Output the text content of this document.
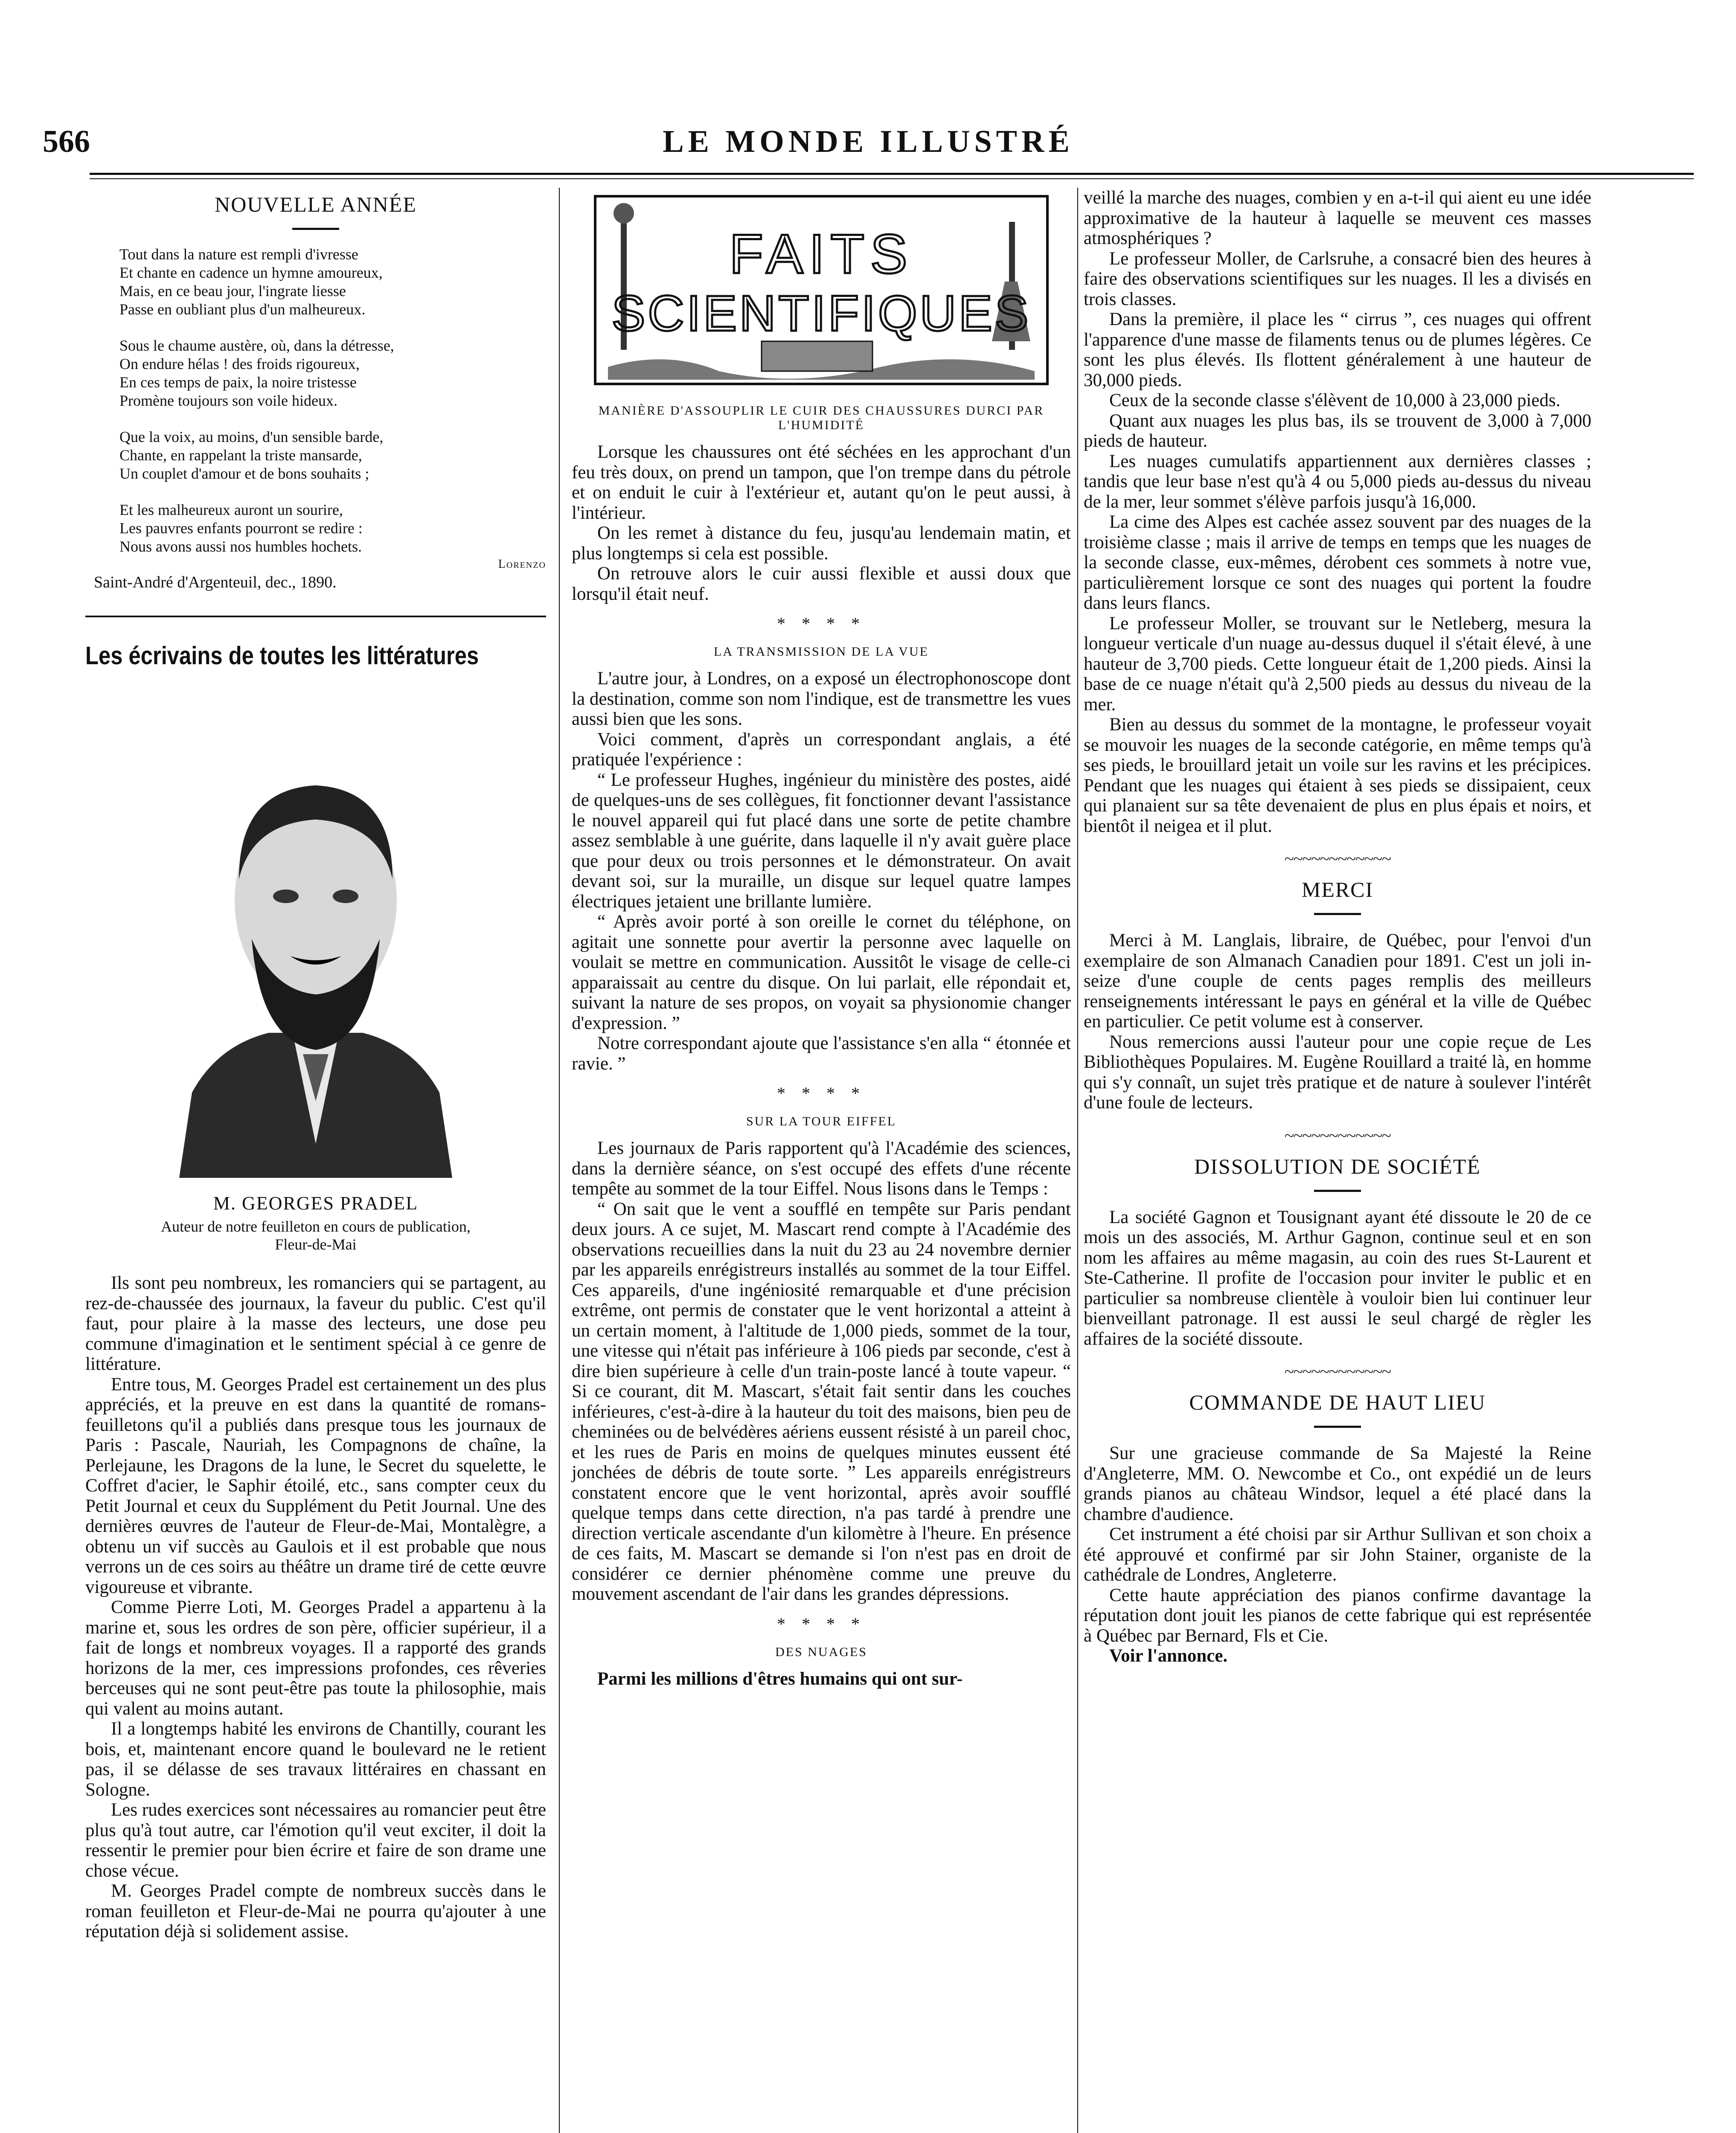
566	LE MONDE ILLUSTRÉ
NOUVELLE ANNÉE

Tout dans la nature est rempli d'ivresse

Et chante en cadence un hymne amoureux,

Mais, en ce beau jour, l'ingrate liesse

Passe en oubliant plus d'un malheureux.

Sous le chaume austère, où, dans la détresse,

On endure hélas ! des froids rigoureux,

En ces temps de paix, la noire tristesse

Promène toujours son voile hideux.

Que la voix, au moins, d'un sensible barde,

Chante, en rappelant la triste mansarde,

Un couplet d'amour et de bons souhaits ;

Et les malheureux auront un sourire,

Les pauvres enfants pourront se redire :

Nous avons aussi nos humbles hochets.

Lorenzo
Saint-André d'Argenteuil, dec., 1890.
Les écrivains de toutes les littératures
M. GEORGES PRADEL

Auteur de notre feuilleton en cours de publication,

Fleur-de-Mai

Ils sont peu nombreux, les romanciers qui se partagent, au rez-de-chaussée des journaux, la faveur du public. C'est qu'il faut, pour plaire à la masse des lecteurs, une dose peu commune d'imagination et le sentiment spécial à ce genre de littérature.

Entre tous, M. Georges Pradel est certainement un des plus appréciés, et la preuve en est dans la quantité de romans-feuilletons qu'il a publiés dans presque tous les journaux de Paris : Pascale, Nauriah, les Compagnons de chaîne, la Perlejaune, les Dragons de la lune, le Secret du squelette, le Coffret d'acier, le Saphir étoilé, etc., sans compter ceux du Petit Journal et ceux du Supplément du Petit Journal. Une des dernières œuvres de l'auteur de Fleur-de-Mai, Montalègre, a obtenu un vif succès au Gaulois et il est probable que nous verrons un de ces soirs au théâtre un drame tiré de cette œuvre vigoureuse et vibrante.

Comme Pierre Loti, M. Georges Pradel a appartenu à la marine et, sous les ordres de son père, officier supérieur, il a fait de longs et nombreux voyages. Il a rapporté des grands horizons de la mer, ces impressions profondes, ces rêveries berceuses qui ne sont peut-être pas toute la philosophie, mais qui valent au moins autant.

Il a longtemps habité les environs de Chantilly, courant les bois, et, maintenant encore quand le boulevard ne le retient pas, il se délasse de ses travaux littéraires en chassant en Sologne.

Les rudes exercices sont nécessaires au romancier peut être plus qu'à tout autre, car l'émotion qu'il veut exciter, il doit la ressentir le premier pour bien écrire et faire de son drame une chose vécue.

M. Georges Pradel compte de nombreux succès dans le roman feuilleton et Fleur-de-Mai ne pourra qu'ajouter à une réputation déjà si solidement assise.

FAITS
SCIENTIFIQUES
MANIÈRE D'ASSOUPLIR LE CUIR DES CHAUSSURES DURCI PAR L'HUMIDITÉ

Lorsque les chaussures ont été séchées en les approchant d'un feu très doux, on prend un tampon, que l'on trempe dans du pétrole et on enduit le cuir à l'extérieur et, autant qu'on le peut aussi, à l'intérieur.

On les remet à distance du feu, jusqu'au lendemain matin, et plus longtemps si cela est possible.

On retrouve alors le cuir aussi flexible et aussi doux que lorsqu'il était neuf.

* * * *
LA TRANSMISSION DE LA VUE

L'autre jour, à Londres, on a exposé un électrophonoscope dont la destination, comme son nom l'indique, est de transmettre les vues aussi bien que les sons.

Voici comment, d'après un correspondant anglais, a été pratiquée l'expérience :

“ Le professeur Hughes, ingénieur du ministère des postes, aidé de quelques-uns de ses collègues, fit fonctionner devant l'assistance le nouvel appareil qui fut placé dans une sorte de petite chambre assez semblable à une guérite, dans laquelle il n'y avait guère place que pour deux ou trois personnes et le démonstrateur. On avait devant soi, sur la muraille, un disque sur lequel quatre lampes électriques jetaient une brillante lumière.

“ Après avoir porté à son oreille le cornet du téléphone, on agitait une sonnette pour avertir la personne avec laquelle on voulait se mettre en communication. Aussitôt le visage de celle-ci apparaissait au centre du disque. On lui parlait, elle répondait et, suivant la nature de ses propos, on voyait sa physionomie changer d'expression. ”

Notre correspondant ajoute que l'assistance s'en alla “ étonnée et ravie. ”

* * * *
SUR LA TOUR EIFFEL

Les journaux de Paris rapportent qu'à l'Académie des sciences, dans la dernière séance, on s'est occupé des effets d'une récente tempête au sommet de la tour Eiffel. Nous lisons dans le Temps :

“ On sait que le vent a soufflé en tempête sur Paris pendant deux jours. A ce sujet, M. Mascart rend compte à l'Académie des observations recueillies dans la nuit du 23 au 24 novembre dernier par les appareils enrégistreurs installés au sommet de la tour Eiffel. Ces appareils, d'une ingéniosité remarquable et d'une précision extrême, ont permis de constater que le vent horizontal a atteint à un certain moment, à l'altitude de 1,000 pieds, sommet de la tour, une vitesse qui n'était pas inférieure à 106 pieds par seconde, c'est à dire bien supérieure à celle d'un train-poste lancé à toute vapeur. “ Si ce courant, dit M. Mascart, s'était fait sentir dans les couches inférieures, c'est-à-dire à la hauteur du toit des maisons, bien peu de cheminées ou de belvédères aériens eussent résisté à un pareil choc, et les rues de Paris en moins de quelques minutes eussent été jonchées de débris de toute sorte. ” Les appareils enrégistreurs constatent encore que le vent horizontal, après avoir soufflé quelque temps dans cette direction, n'a pas tardé à prendre une direction verticale ascendante d'un kilomètre à l'heure. En présence de ces faits, M. Mascart se demande si l'on n'est pas en droit de considérer ce dernier phénomène comme une preuve du mouvement ascendant de l'air dans les grandes dépressions.

* * * *
DES NUAGES

Parmi les millions d'êtres humains qui ont sur-

veillé la marche des nuages, combien y en a-t-il qui aient eu une idée approximative de la hauteur à laquelle se meuvent ces masses atmosphériques ?

Le professeur Moller, de Carlsruhe, a consacré bien des heures à faire des observations scientifiques sur les nuages. Il les a divisés en trois classes.

Dans la première, il place les “ cirrus ”, ces nuages qui offrent l'apparence d'une masse de filaments tenus ou de plumes légères. Ce sont les plus élevés. Ils flottent généralement à une hauteur de 30,000 pieds.

Ceux de la seconde classe s'élèvent de 10,000 à 23,000 pieds.

Quant aux nuages les plus bas, ils se trouvent de 3,000 à 7,000 pieds de hauteur.

Les nuages cumulatifs appartiennent aux dernières classes ; tandis que leur base n'est qu'à 4 ou 5,000 pieds au-dessus du niveau de la mer, leur sommet s'élève parfois jusqu'à 16,000.

La cime des Alpes est cachée assez souvent par des nuages de la troisième classe ; mais il arrive de temps en temps que les nuages de la seconde classe, eux-mêmes, dérobent ces sommets à notre vue, particulièrement lorsque ce sont des nuages qui portent la foudre dans leurs flancs.

Le professeur Moller, se trouvant sur le Netleberg, mesura la longueur verticale d'un nuage au-dessus duquel il s'était élevé, à une hauteur de 3,700 pieds. Cette longueur était de 1,200 pieds. Ainsi la base de ce nuage n'était qu'à 2,500 pieds au dessus du niveau de la mer.

Bien au dessus du sommet de la montagne, le professeur voyait se mouvoir les nuages de la seconde catégorie, en même temps qu'à ses pieds, le brouillard jetait un voile sur les ravins et les précipices. Pendant que les nuages qui étaient à ses pieds se dissipaient, ceux qui planaient sur sa tête devenaient de plus en plus épais et noirs, et bientôt il neigea et il plut.

~~~~~~~~~~~~
MERCI

Merci à M. Langlais, libraire, de Québec, pour l'envoi d'un exemplaire de son Almanach Canadien pour 1891. C'est un joli in-seize d'une couple de cents pages remplis des meilleurs renseignements intéressant le pays en général et la ville de Québec en particulier. Ce petit volume est à conserver.

Nous remercions aussi l'auteur pour une copie reçue de Les Bibliothèques Populaires. M. Eugène Rouillard a traité là, en homme qui s'y connaît, un sujet très pratique et de nature à soulever l'intérêt d'une foule de lecteurs.

~~~~~~~~~~~~
DISSOLUTION DE SOCIÉTÉ

La société Gagnon et Tousignant ayant été dissoute le 20 de ce mois un des associés, M. Arthur Gagnon, continue seul et en son nom les affaires au même magasin, au coin des rues St-Laurent et Ste-Catherine. Il profite de l'occasion pour inviter le public et en particulier sa nombreuse clientèle à vouloir bien lui continuer leur bienveillant patronage. Il est aussi le seul chargé de règler les affaires de la société dissoute.

~~~~~~~~~~~~
COMMANDE DE HAUT LIEU

Sur une gracieuse commande de Sa Majesté la Reine d'Angleterre, MM. O. Newcombe et Co., ont expédié un de leurs grands pianos au château Windsor, lequel a été placé dans la chambre d'audience.

Cet instrument a été choisi par sir Arthur Sullivan et son choix a été approuvé et confirmé par sir John Stainer, organiste de la cathédrale de Londres, Angleterre.

Cette haute appréciation des pianos confirme davantage la réputation dont jouit les pianos de cette fabrique qui est représentée à Québec par Bernard, Fls et Cie.

Voir l'annonce.
